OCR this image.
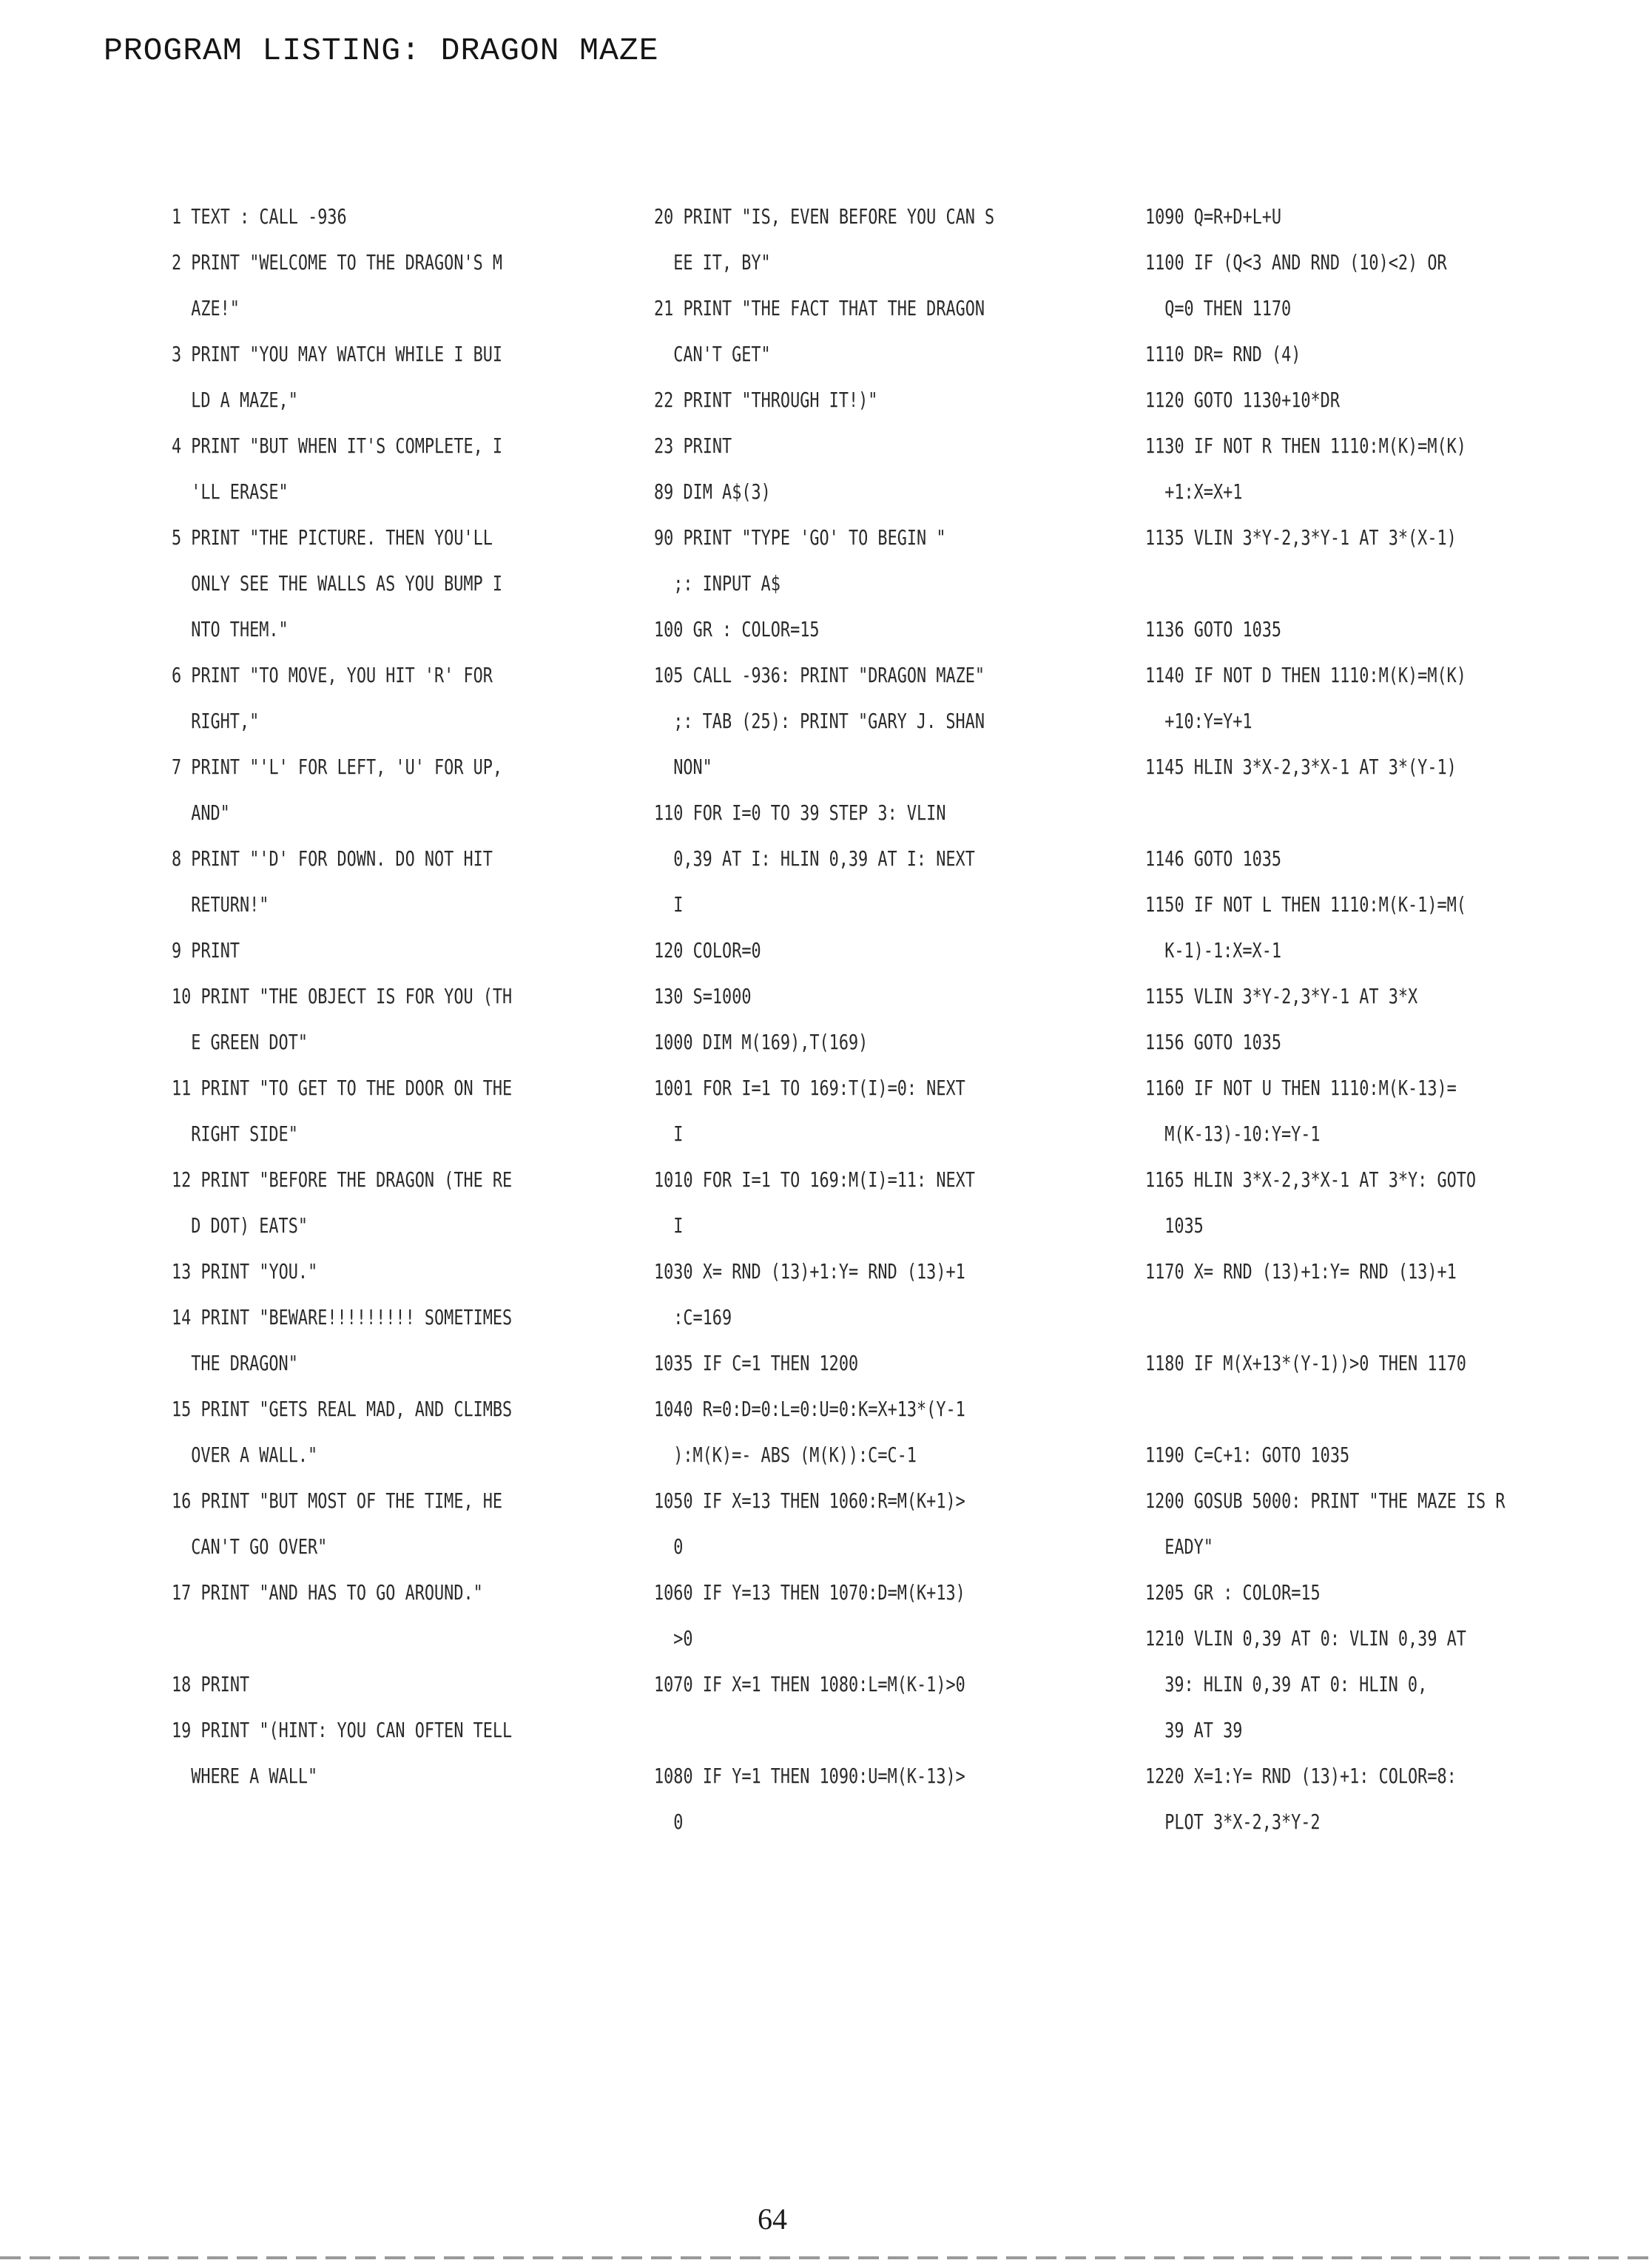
PROGRAM LISTING: DRAGON MAZE
1 TEXT : CALL -936
2 PRINT "WELCOME TO THE DRAGON'S M
AZE!"
3 PRINT "YOU MAY WATCH WHILE I BUI
LD A MAZE,"
4 PRINT "BUT WHEN IT'S COMPLETE, I
'LL ERASE"
5 PRINT "THE PICTURE. THEN YOU'LL
ONLY SEE THE WALLS AS YOU BUMP I
NTO THEM."
6 PRINT "TO MOVE, YOU HIT 'R' FOR
RIGHT,"
7 PRINT "'L' FOR LEFT, 'U' FOR UP,
AND"
8 PRINT "'D' FOR DOWN. DO NOT HIT
RETURN!"
9 PRINT
10 PRINT "THE OBJECT IS FOR YOU (TH
E GREEN DOT"
11 PRINT "TO GET TO THE DOOR ON THE
RIGHT SIDE"
12 PRINT "BEFORE THE DRAGON (THE RE
D DOT) EATS"
13 PRINT "YOU."
14 PRINT "BEWARE!!!!!!!!! SOMETIMES
THE DRAGON"
15 PRINT "GETS REAL MAD, AND CLIMBS
OVER A WALL."
16 PRINT "BUT MOST OF THE TIME, HE
CAN'T GO OVER"
17 PRINT "AND HAS TO GO AROUND."
18 PRINT
19 PRINT "(HINT: YOU CAN OFTEN TELL
WHERE A WALL"
20 PRINT "IS, EVEN BEFORE YOU CAN S
EE IT, BY"
21 PRINT "THE FACT THAT THE DRAGON
CAN'T GET"
22 PRINT "THROUGH IT!)"
23 PRINT
89 DIM A$(3)
90 PRINT "TYPE 'GO' TO BEGIN "
;: INPUT A$
100 GR : COLOR=15
105 CALL -936: PRINT "DRAGON MAZE"
;: TAB (25): PRINT "GARY J. SHAN
NON"
110 FOR I=0 TO 39 STEP 3: VLIN
0,39 AT I: HLIN 0,39 AT I: NEXT
I
120 COLOR=0
130 S=1000
1000 DIM M(169),T(169)
1001 FOR I=1 TO 169:T(I)=0: NEXT
I
1010 FOR I=1 TO 169:M(I)=11: NEXT
I
1030 X= RND (13)+1:Y= RND (13)+1
:C=169
1035 IF C=1 THEN 1200
1040 R=0:D=0:L=0:U=0:K=X+13*(Y-1
):M(K)=- ABS (M(K)):C=C-1
1050 IF X=13 THEN 1060:R=M(K+1)>
0
1060 IF Y=13 THEN 1070:D=M(K+13)
>0
1070 IF X=1 THEN 1080:L=M(K-1)>0
1080 IF Y=1 THEN 1090:U=M(K-13)>
0
1090 Q=R+D+L+U
1100 IF (Q<3 AND RND (10)<2) OR
Q=0 THEN 1170
1110 DR= RND (4)
1120 GOTO 1130+10*DR
1130 IF NOT R THEN 1110:M(K)=M(K)
+1:X=X+1
1135 VLIN 3*Y-2,3*Y-1 AT 3*(X-1)
1136 GOTO 1035
1140 IF NOT D THEN 1110:M(K)=M(K)
+10:Y=Y+1
1145 HLIN 3*X-2,3*X-1 AT 3*(Y-1)
1146 GOTO 1035
1150 IF NOT L THEN 1110:M(K-1)=M(
K-1)-1:X=X-1
1155 VLIN 3*Y-2,3*Y-1 AT 3*X
1156 GOTO 1035
1160 IF NOT U THEN 1110:M(K-13)=
M(K-13)-10:Y=Y-1
1165 HLIN 3*X-2,3*X-1 AT 3*Y: GOTO
1035
1170 X= RND (13)+1:Y= RND (13)+1
1180 IF M(X+13*(Y-1))>0 THEN 1170
1190 C=C+1: GOTO 1035
1200 GOSUB 5000: PRINT "THE MAZE IS R
EADY"
1205 GR : COLOR=15
1210 VLIN 0,39 AT 0: VLIN 0,39 AT
39: HLIN 0,39 AT 0: HLIN 0,
39 AT 39
1220 X=1:Y= RND (13)+1: COLOR=8:
PLOT 3*X-2,3*Y-2
64
